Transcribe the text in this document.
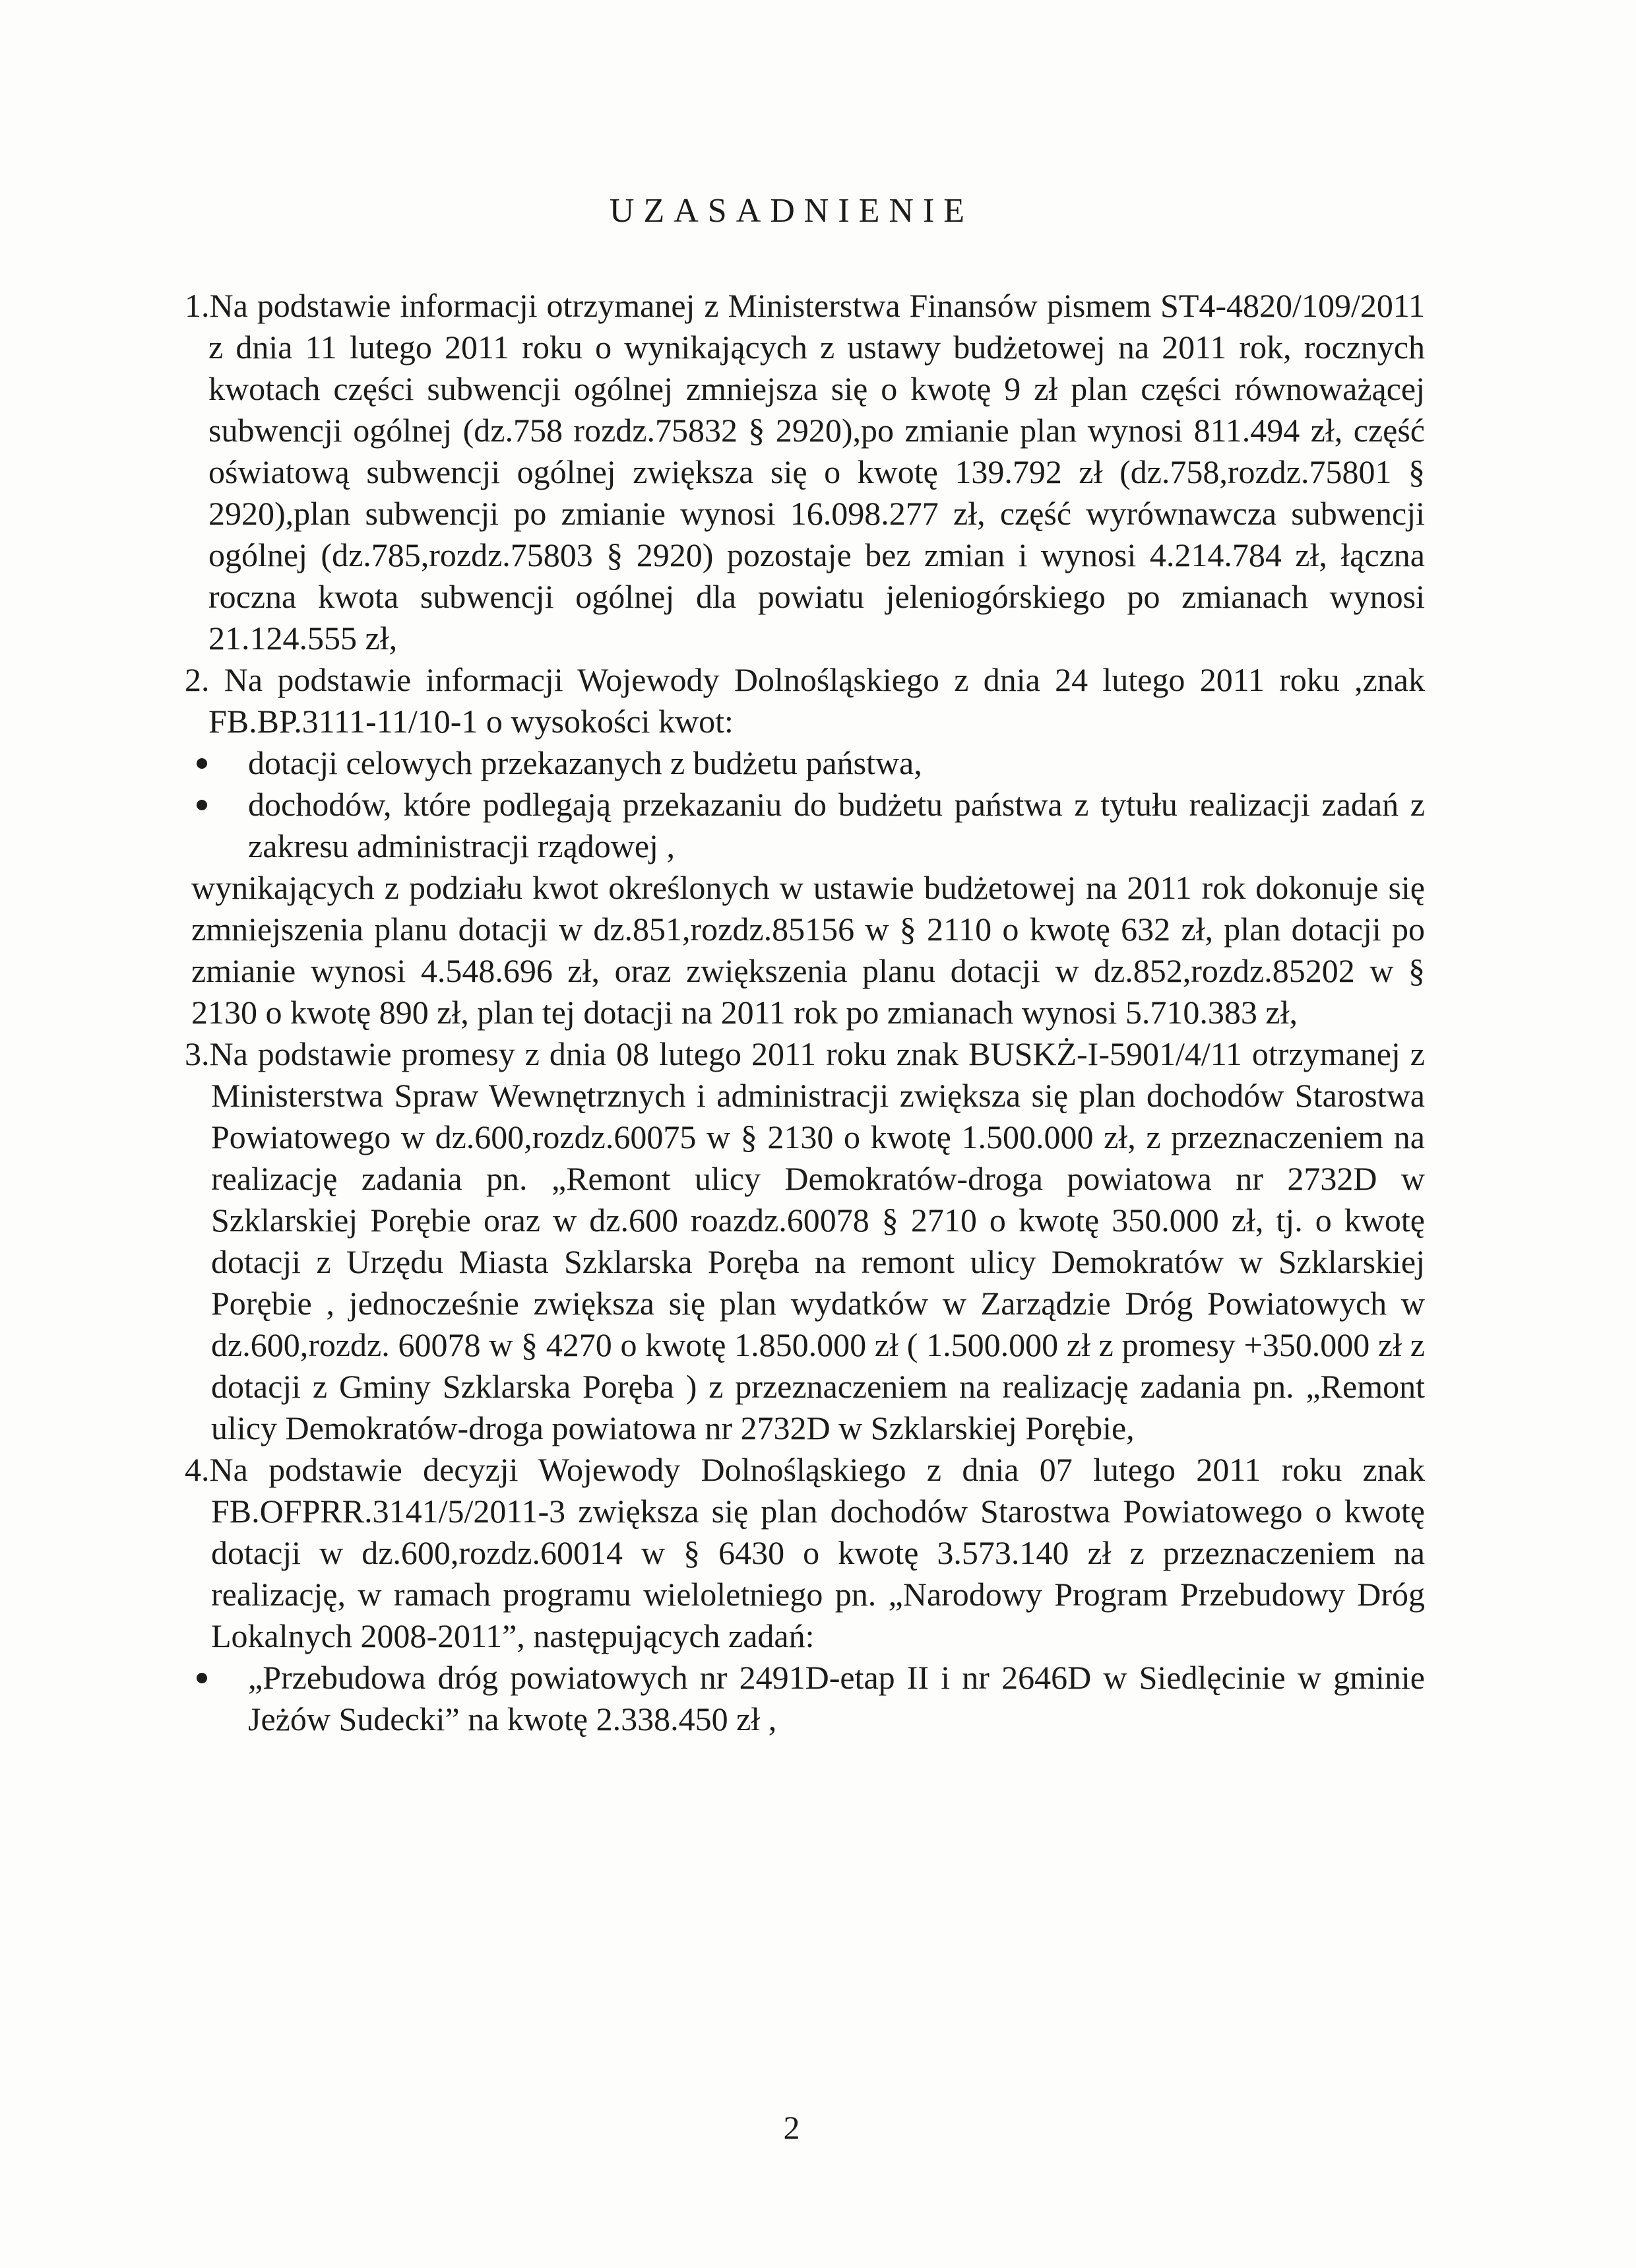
UZASADNIENIE

1.Na podstawie informacji otrzymanej z Ministerstwa Finansów pismem ST4-4820/109/2011 z dnia 11 lutego 2011 roku o wynikających z ustawy budżetowej na 2011 rok, rocznych kwotach części subwencji ogólnej zmniejsza się o kwotę 9 zł plan części równoważącej subwencji ogólnej (dz.758 rozdz.75832 § 2920),po zmianie plan wynosi 811.494 zł, część oświatową subwencji ogólnej zwiększa się o kwotę 139.792 zł (dz.758,rozdz.75801 § 2920),plan subwencji po zmianie wynosi 16.098.277 zł, część wyrównawcza subwencji ogólnej (dz.785,rozdz.75803 § 2920) pozostaje bez zmian i wynosi 4.214.784 zł, łączna roczna kwota subwencji ogólnej dla powiatu jeleniogórskiego po zmianach wynosi 21.124.555 zł,

2. Na podstawie informacji Wojewody Dolnośląskiego z dnia 24 lutego 2011 roku ,znak FB.BP.3111-11/10-1 o wysokości kwot:

dotacji celowych przekazanych z budżetu państwa,
dochodów, które podlegają przekazaniu do budżetu państwa z tytułu realizacji zadań z zakresu administracji rządowej ,

wynikających z podziału kwot określonych w ustawie budżetowej na 2011 rok dokonuje się zmniejszenia planu dotacji w dz.851,rozdz.85156 w § 2110 o kwotę 632 zł, plan dotacji po zmianie wynosi 4.548.696 zł, oraz zwiększenia planu dotacji w dz.852,rozdz.85202 w § 2130 o kwotę 890 zł, plan tej dotacji na 2011 rok po zmianach wynosi 5.710.383 zł,

3.Na podstawie promesy z dnia 08 lutego 2011 roku znak BUSKŻ-I-5901/4/11 otrzymanej z Ministerstwa Spraw Wewnętrznych i administracji zwiększa się plan dochodów Starostwa Powiatowego w dz.600,rozdz.60075 w § 2130 o kwotę 1.500.000 zł, z przeznaczeniem na realizację zadania pn. „Remont ulicy Demokratów-droga powiatowa nr 2732D w Szklarskiej Porębie oraz w dz.600 roazdz.60078 § 2710 o kwotę 350.000 zł, tj. o kwotę dotacji z Urzędu Miasta Szklarska Poręba na remont ulicy Demokratów w Szklarskiej Porębie , jednocześnie zwiększa się plan wydatków w Zarządzie Dróg Powiatowych w dz.600,rozdz. 60078 w § 4270 o kwotę 1.850.000 zł ( 1.500.000 zł z promesy +350.000 zł z dotacji z Gminy Szklarska Poręba ) z przeznaczeniem na realizację zadania pn. „Remont ulicy Demokratów-droga powiatowa nr 2732D w Szklarskiej Porębie,

4.Na podstawie decyzji Wojewody Dolnośląskiego z dnia 07 lutego 2011 roku znak FB.OFPRR.3141/5/2011-3 zwiększa się plan dochodów Starostwa Powiatowego o kwotę dotacji w dz.600,rozdz.60014 w § 6430 o kwotę 3.573.140 zł z przeznaczeniem na realizację, w ramach programu wieloletniego pn. „Narodowy Program Przebudowy Dróg Lokalnych 2008-2011”, następujących zadań:

„Przebudowa dróg powiatowych nr 2491D-etap II i nr 2646D w Siedlęcinie w gminie Jeżów Sudecki” na kwotę 2.338.450 zł ,
2
